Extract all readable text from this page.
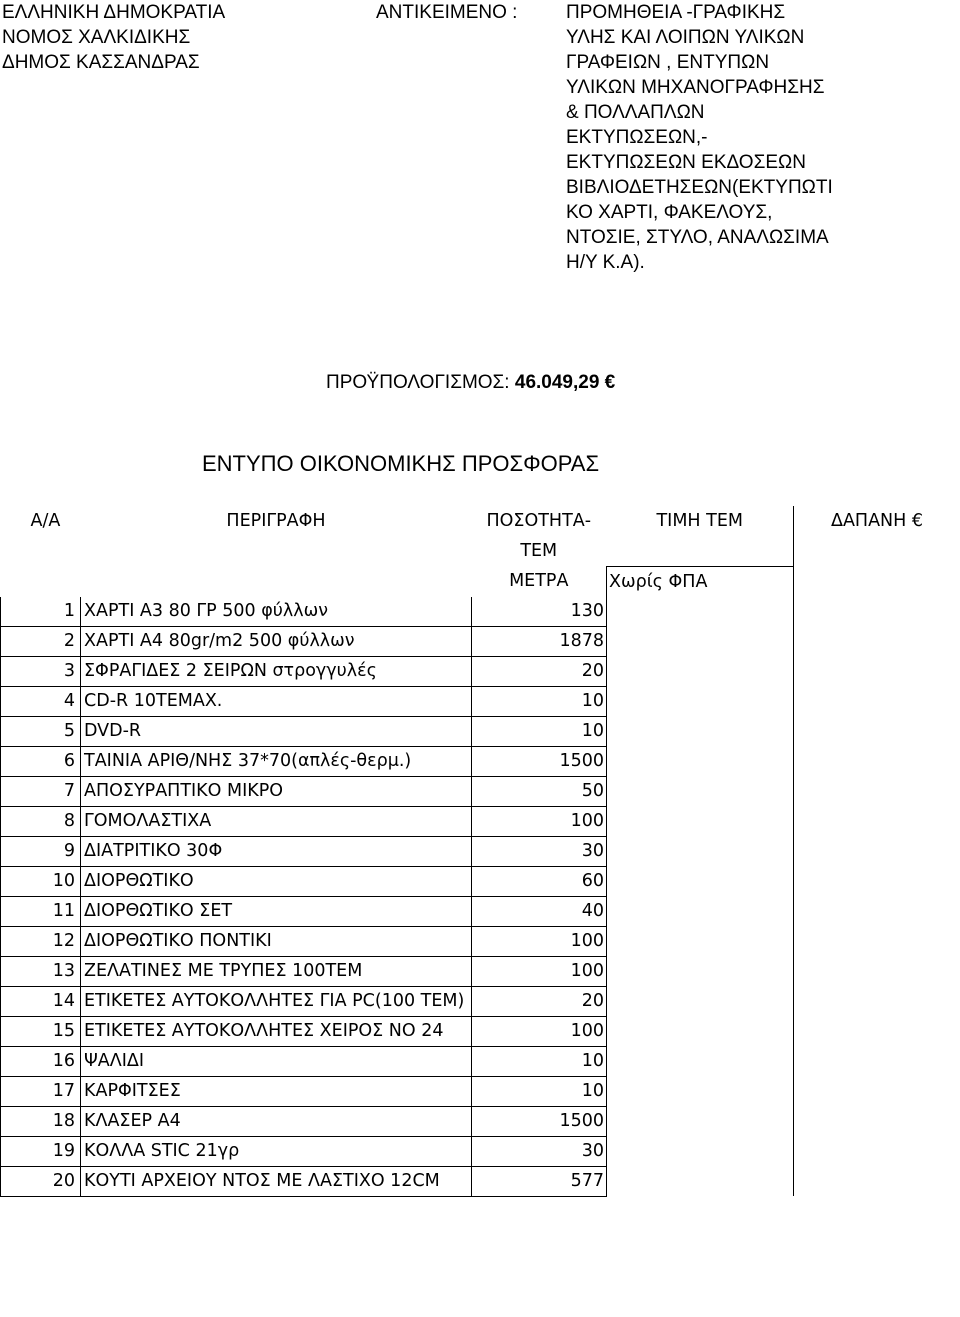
ΕΛΛΗΝΙΚΗ ΔΗΜΟΚΡΑΤΙΑ
ΝΟΜΟΣ ΧΑΛΚΙΔΙΚΗΣ
ΔΗΜΟΣ ΚΑΣΣΑΝΔΡΑΣ
ΑΝΤΙΚΕΙΜΕΝΟ :	ΠΡΟΜΗΘΕΙΑ -ΓΡΑΦΙΚΗΣ
ΥΛΗΣ ΚΑΙ ΛΟΙΠΩΝ ΥΛΙΚΩΝ
ΓΡΑΦΕΙΩΝ , ΕΝΤΥΠΩΝ
ΥΛΙΚΩΝ ΜΗΧΑΝΟΓΡΑΦΗΣΗΣ
& ΠΟΛΛΑΠΛΩΝ
ΕΚΤΥΠΩΣΕΩΝ,-
ΕΚΤΥΠΩΣΕΩΝ ΕΚΔΟΣΕΩΝ
ΒΙΒΛΙΟΔΕΤΗΣΕΩΝ(ΕΚΤΥΠΩΤΙ
ΚΟ ΧΑΡΤΙ, ΦΑΚΕΛΟΥΣ,
ΝΤΟΣΙΕ, ΣΤΥΛΟ, ΑΝΑΛΩΣΙΜΑ
Η/Υ Κ.Α).
ΠΡΟΫΠΟΛΟΓΙΣΜΟΣ: 46.049,29 €
ΕΝΤΥΠΟ ΟΙΚΟΝΟΜΙΚΗΣ ΠΡΟΣΦΟΡΑΣ
Α/Α	ΠΕΡΙΓΡΑΦΗ	ΠΟΣΟΤΗΤΑ-
ΤΕΜ
ΜΕΤΡΑ	ΤΙΜΗ ΤΕΜ	ΔΑΠΑΝΗ €

			Χωρίς ΦΠΑ	
1	ΧΑΡΤΙ Α3 80 ΓΡ 500 φύλλων	130		
2	ΧΑΡΤΙ Α4 80gr/m2 500 φύλλων	1878		
3	ΣΦΡΑΓΙΔΕΣ 2 ΣΕΙΡΩΝ στρογγυλές	20		
4	CD-R 10ΤΕΜΑΧ.	10		
5	DVD-R	10		
6	ΤΑΙΝΙΑ ΑΡΙΘ/ΝΗΣ 37*70(απλές-θερμ.)	1500		
7	ΑΠΟΣΥΡΑΠΤΙΚΟ ΜΙΚΡΟ	50		
8	ΓΟΜΟΛΑΣΤΙΧΑ	100		
9	ΔΙΑΤΡΙΤΙΚΟ 30Φ	30		
10	ΔΙΟΡΘΩΤΙΚΟ	60		
11	ΔΙΟΡΘΩΤΙΚΟ ΣΕΤ	40		
12	ΔΙΟΡΘΩΤΙΚΟ ΠΟΝΤΙΚΙ	100		
13	ΖΕΛΑΤΙΝΕΣ ΜΕ ΤΡΥΠΕΣ 100ΤΕΜ	100		
14	ΕΤΙΚΕΤΕΣ ΑΥΤΟΚΟΛΛΗΤΕΣ ΓΙΑ PC(100 ΤΕΜ)	20		
15	ΕΤΙΚΕΤΕΣ ΑΥΤΟΚΟΛΛΗΤΕΣ ΧΕΙΡΟΣ ΝΟ 24	100		
16	ΨΑΛΙΔΙ	10		
17	ΚΑΡΦΙΤΣΕΣ	10		
18	ΚΛΑΣΕΡ Α4	1500		
19	ΚΟΛΛΑ STIC 21γρ	30		
20	ΚΟΥΤΙ ΑΡΧΕΙΟΥ ΝΤΟΣ ΜΕ ΛΑΣΤΙΧΟ 12CM	577		
